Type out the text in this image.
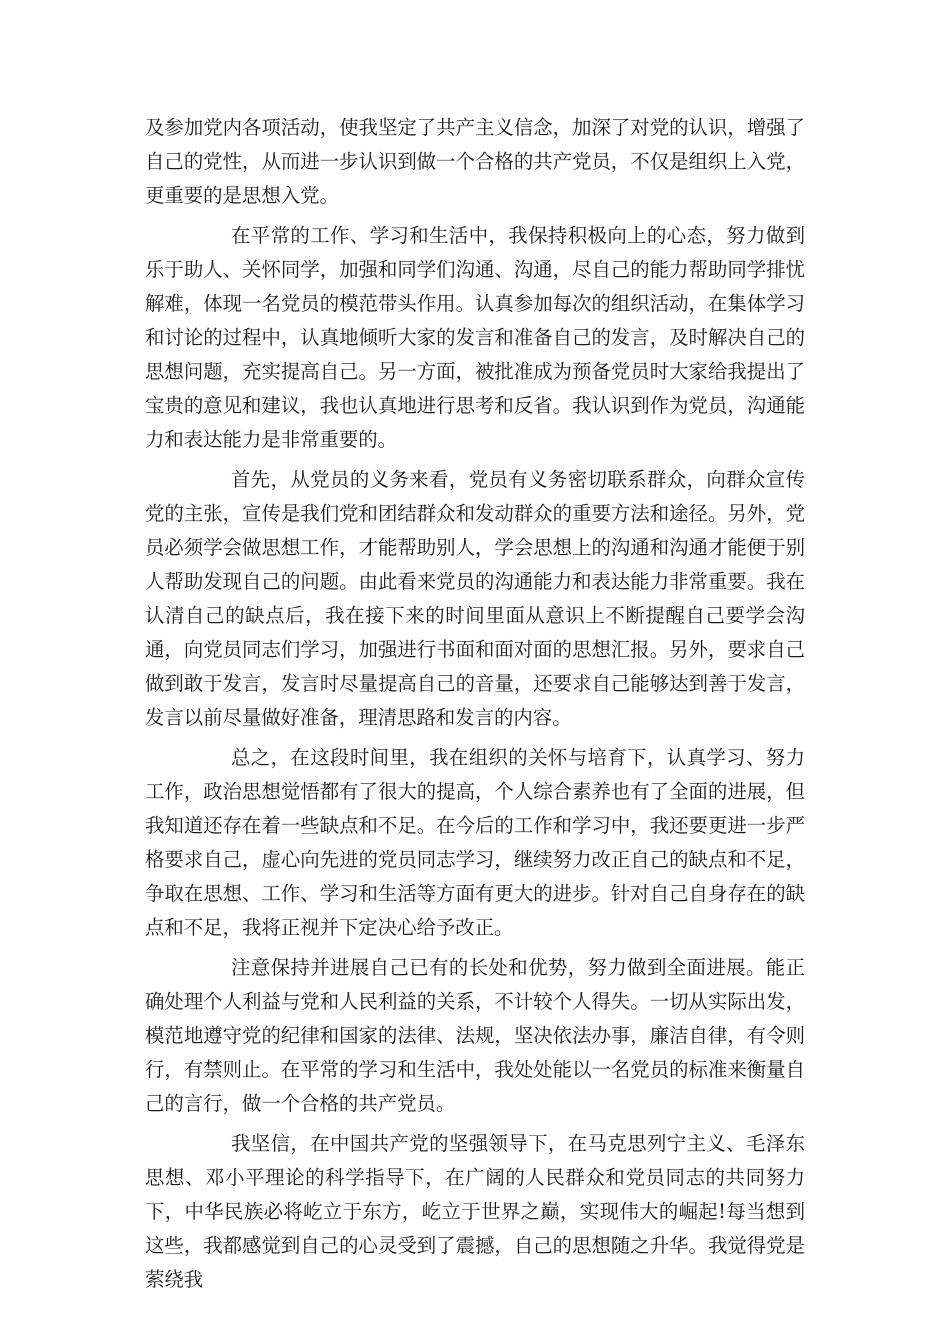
及参加党内各项活动，使我坚定了共产主义信念，加深了对党的认识，增强了自己的党性，从而进一步认识到做一个合格的共产党员，不仅是组织上入党，更重要的是思想入党。

在平常的工作、学习和生活中，我保持积极向上的心态，努力做到乐于助人、关怀同学，加强和同学们沟通、沟通，尽自己的能力帮助同学排忧解难，体现一名党员的模范带头作用。认真参加每次的组织活动，在集体学习和讨论的过程中，认真地倾听大家的发言和准备自己的发言，及时解决自己的思想问题，充实提高自己。另一方面，被批准成为预备党员时大家给我提出了宝贵的意见和建议，我也认真地进行思考和反省。我认识到作为党员，沟通能力和表达能力是非常重要的。

首先，从党员的义务来看，党员有义务密切联系群众，向群众宣传党的主张，宣传是我们党和团结群众和发动群众的重要方法和途径。另外，党员必须学会做思想工作，才能帮助别人，学会思想上的沟通和沟通才能便于别人帮助发现自己的问题。由此看来党员的沟通能力和表达能力非常重要。我在认清自己的缺点后，我在接下来的时间里面从意识上不断提醒自己要学会沟通，向党员同志们学习，加强进行书面和面对面的思想汇报。另外，要求自己做到敢于发言，发言时尽量提高自己的音量，还要求自己能够达到善于发言，发言以前尽量做好准备，理清思路和发言的内容。

总之，在这段时间里，我在组织的关怀与培育下，认真学习、努力工作，政治思想觉悟都有了很大的提高，个人综合素养也有了全面的进展，但我知道还存在着一些缺点和不足。在今后的工作和学习中，我还要更进一步严格要求自己，虚心向先进的党员同志学习，继续努力改正自己的缺点和不足，争取在思想、工作、学习和生活等方面有更大的进步。针对自己自身存在的缺点和不足，我将正视并下定决心给予改正。

注意保持并进展自己已有的长处和优势，努力做到全面进展。能正确处理个人利益与党和人民利益的关系，不计较个人得失。一切从实际出发，模范地遵守党的纪律和国家的法律、法规，坚决依法办事，廉洁自律，有令则行，有禁则止。在平常的学习和生活中，我处处能以一名党员的标准来衡量自己的言行，做一个合格的共产党员。

我坚信，在中国共产党的坚强领导下，在马克思列宁主义、毛泽东思想、邓小平理论的科学指导下，在广阔的人民群众和党员同志的共同努力下，中华民族必将屹立于东方，屹立于世界之巅，实现伟大的崛起!每当想到这些，我都感觉到自己的心灵受到了震撼，自己的思想随之升华。我觉得党是萦绕我
